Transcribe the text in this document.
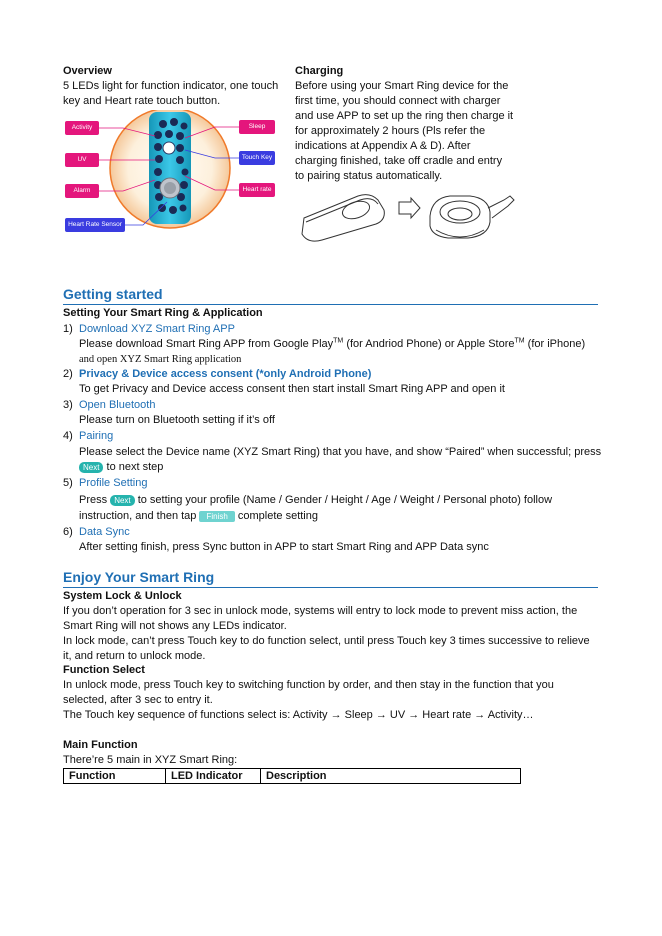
Overview
5 LEDs light for function indicator, one touch
key and Heart rate touch button.
Activity
UV
Alarm
Heart Rate Sensor
Sleep
Touch Key
Heart rate
Charging
Before using your Smart Ring device for the
first time, you should connect with charger
and use APP to set up the ring then charge it
for approximately 2 hours (Pls refer the
indications at Appendix A & D). After
charging finished, take off cradle and entry
to pairing status automatically.
Getting started
Setting Your Smart Ring & Application
1) Download XYZ Smart Ring APP
Please download Smart Ring APP from Google Play™ (for Andriod Phone) or Apple Store™ (for iPhone)
and open XYZ Smart Ring application
2) Privacy & Device access consent (*only Android Phone)
To get Privacy and Device access consent then start install Smart Ring APP and open it
3) Open Bluetooth
Please turn on Bluetooth setting if it’s off
4) Pairing
Please select the Device name (XYZ Smart Ring) that you have, and show “Paired” when successful; press
Next to next step
5) Profile Setting
Press Next to setting your profile (Name / Gender / Height / Age / Weight / Personal photo) follow
instruction, and then tap Finish complete setting
6) Data Sync
After setting finish, press Sync button in APP to start Smart Ring and APP Data sync
Enjoy Your Smart Ring
System Lock & Unlock
If you don’t operation for 3 sec in unlock mode, systems will entry to lock mode to prevent miss action, the
Smart Ring will not shows any LEDs indicator.
In lock mode, can’t press Touch key to do function select, until press Touch key 3 times successive to relieve
it, and return to unlock mode.
Function Select
In unlock mode, press Touch key to switching function by order, and then stay in the function that you
selected, after 3 sec to entry it.
The Touch key sequence of functions select is: Activity → Sleep → UV → Heart rate → Activity…
Main Function
There’re 5 main in XYZ Smart Ring:
Function	LED Indicator	Description
